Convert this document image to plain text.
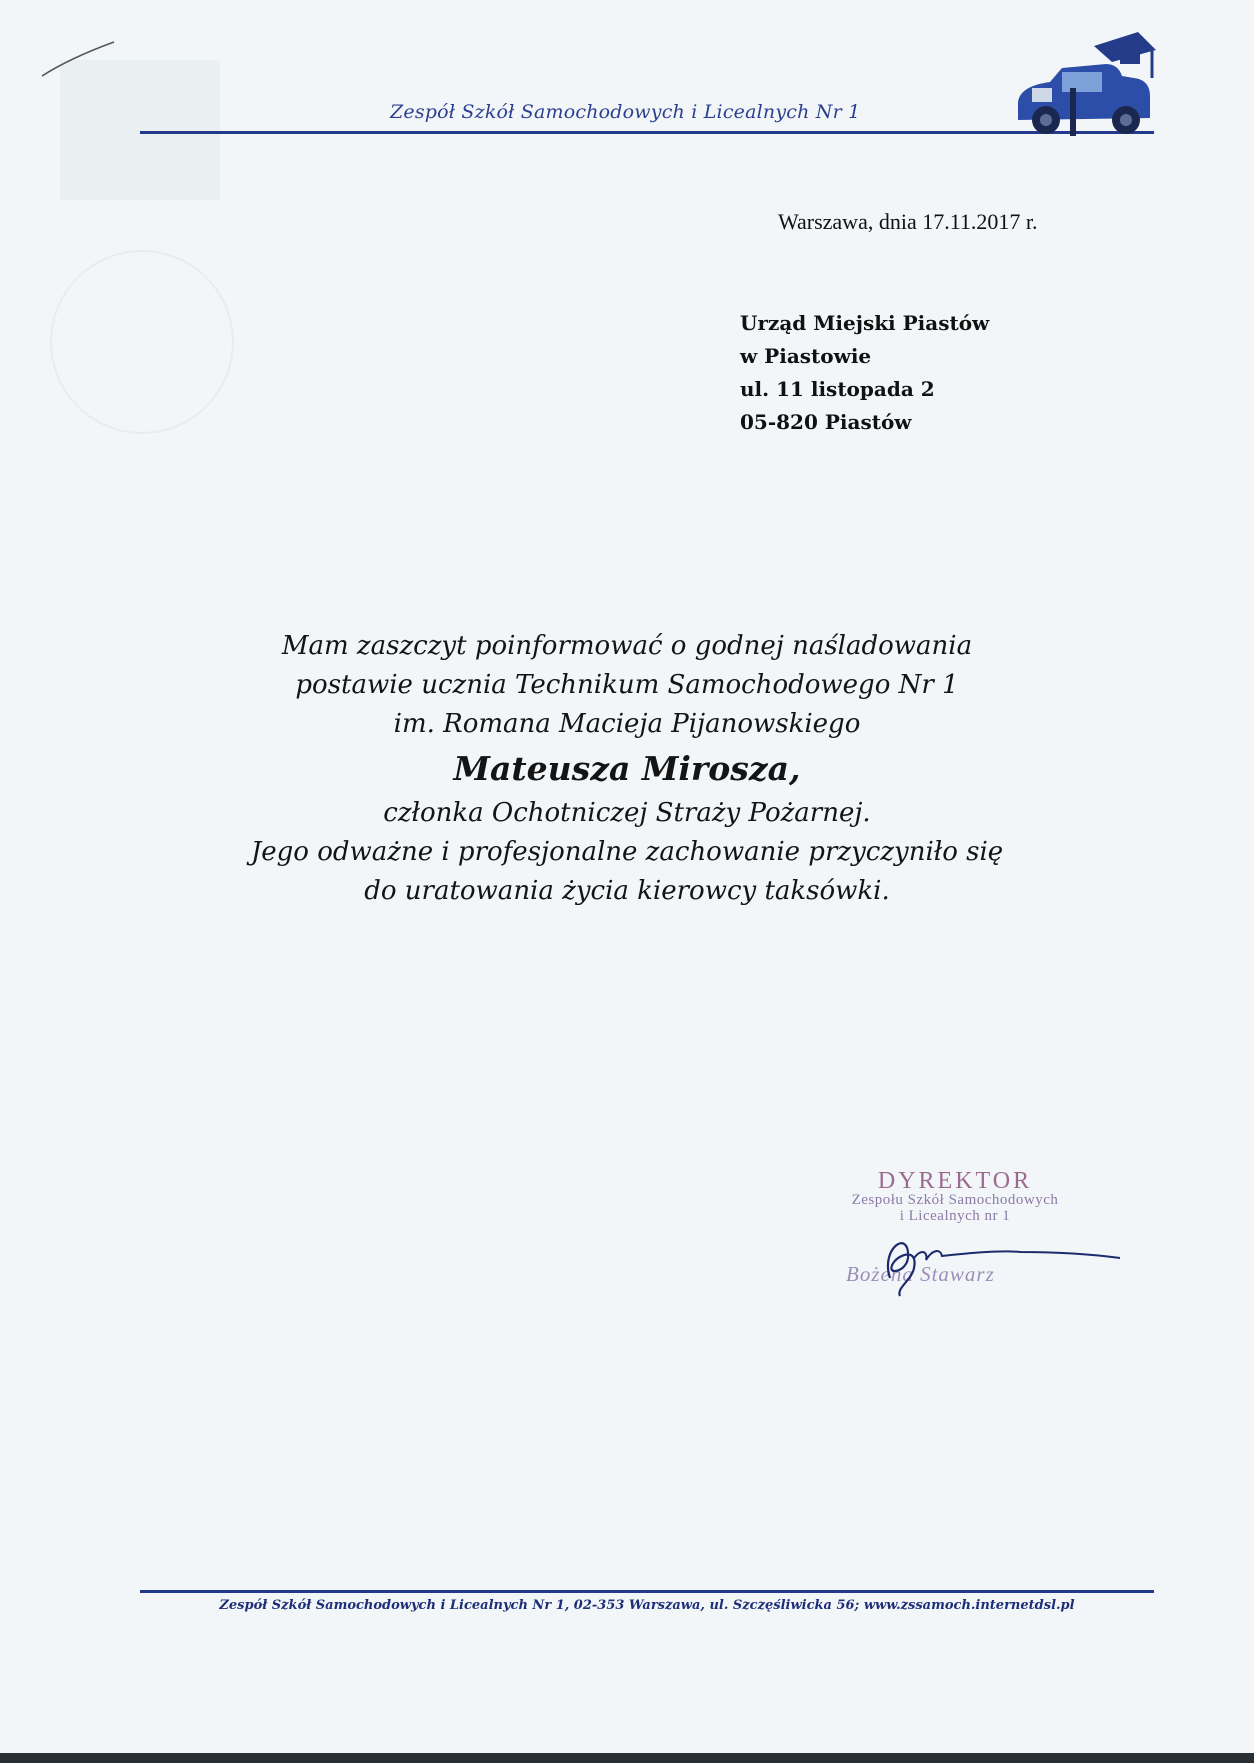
Zespół Szkół Samochodowych i Licealnych Nr 1
Warszawa, dnia 17.11.2017 r.
Urząd Miejski Piastów
w Piastowie
ul. 11 listopada 2
05-820 Piastów
Mam zaszczyt poinformować o godnej naśladowania
postawie ucznia Technikum Samochodowego Nr 1
im. Romana Macieja Pijanowskiego
Mateusza Mirosza,
członka Ochotniczej Straży Pożarnej.
Jego odważne i profesjonalne zachowanie przyczyniło się
do uratowania życia kierowcy taksówki.
DYREKTOR
Zespołu Szkół Samochodowych
i Licealnych nr 1
Bożena Stawarz
Zespół Szkół Samochodowych i Licealnych Nr 1, 02-353 Warszawa, ul. Szczęśliwicka 56; www.zssamoch.internetdsl.pl
